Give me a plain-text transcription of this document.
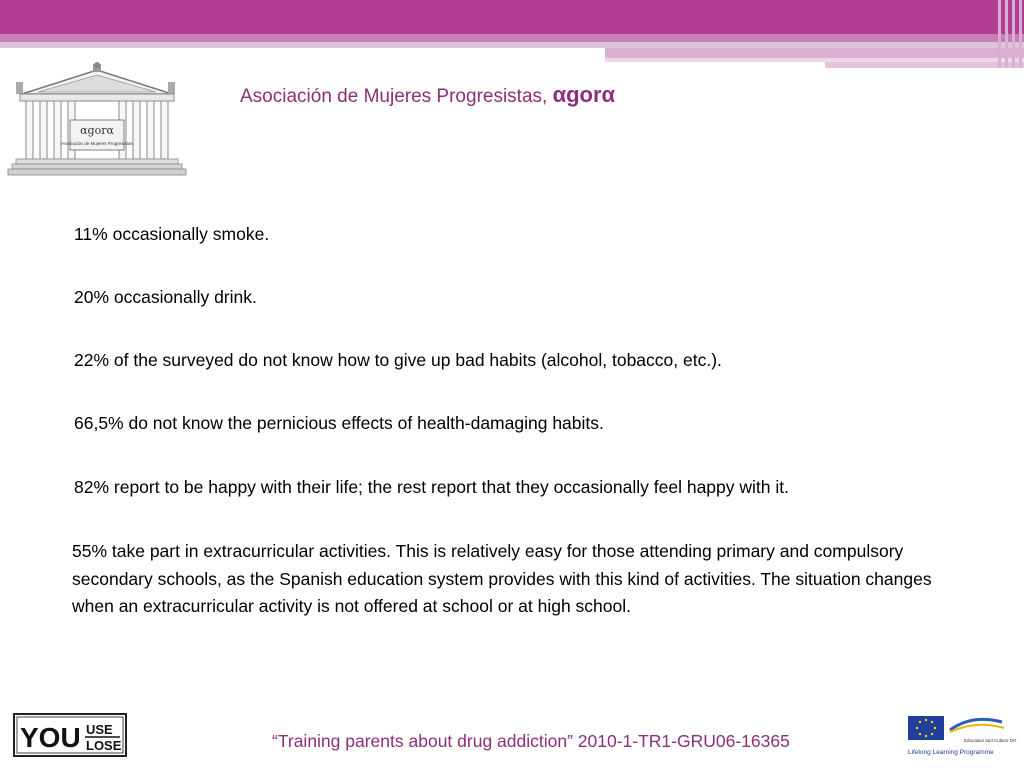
αgorα
Asociación de Mujeres Progresistas
Asociación de Mujeres Progresistas, αgorα
11% occasionally smoke.
20% occasionally drink.
22% of the surveyed do not know how to give up bad habits (alcohol, tobacco, etc.).
66,5% do not know the pernicious effects of health-damaging habits.
82% report to be happy with their life; the rest report that they occasionally feel happy with it.
55% take part in extracurricular activities. This is relatively easy for those attending primary and compulsory secondary schools, as the Spanish education system provides with this kind of activities. The situation changes when an extracurricular activity is not offered at school or at high school.
YOU USE
LOSE	“Training parents about drug addiction” 2010-1-TR1-GRU06-16365	Education and Culture DG
Lifelong Learning Programme
